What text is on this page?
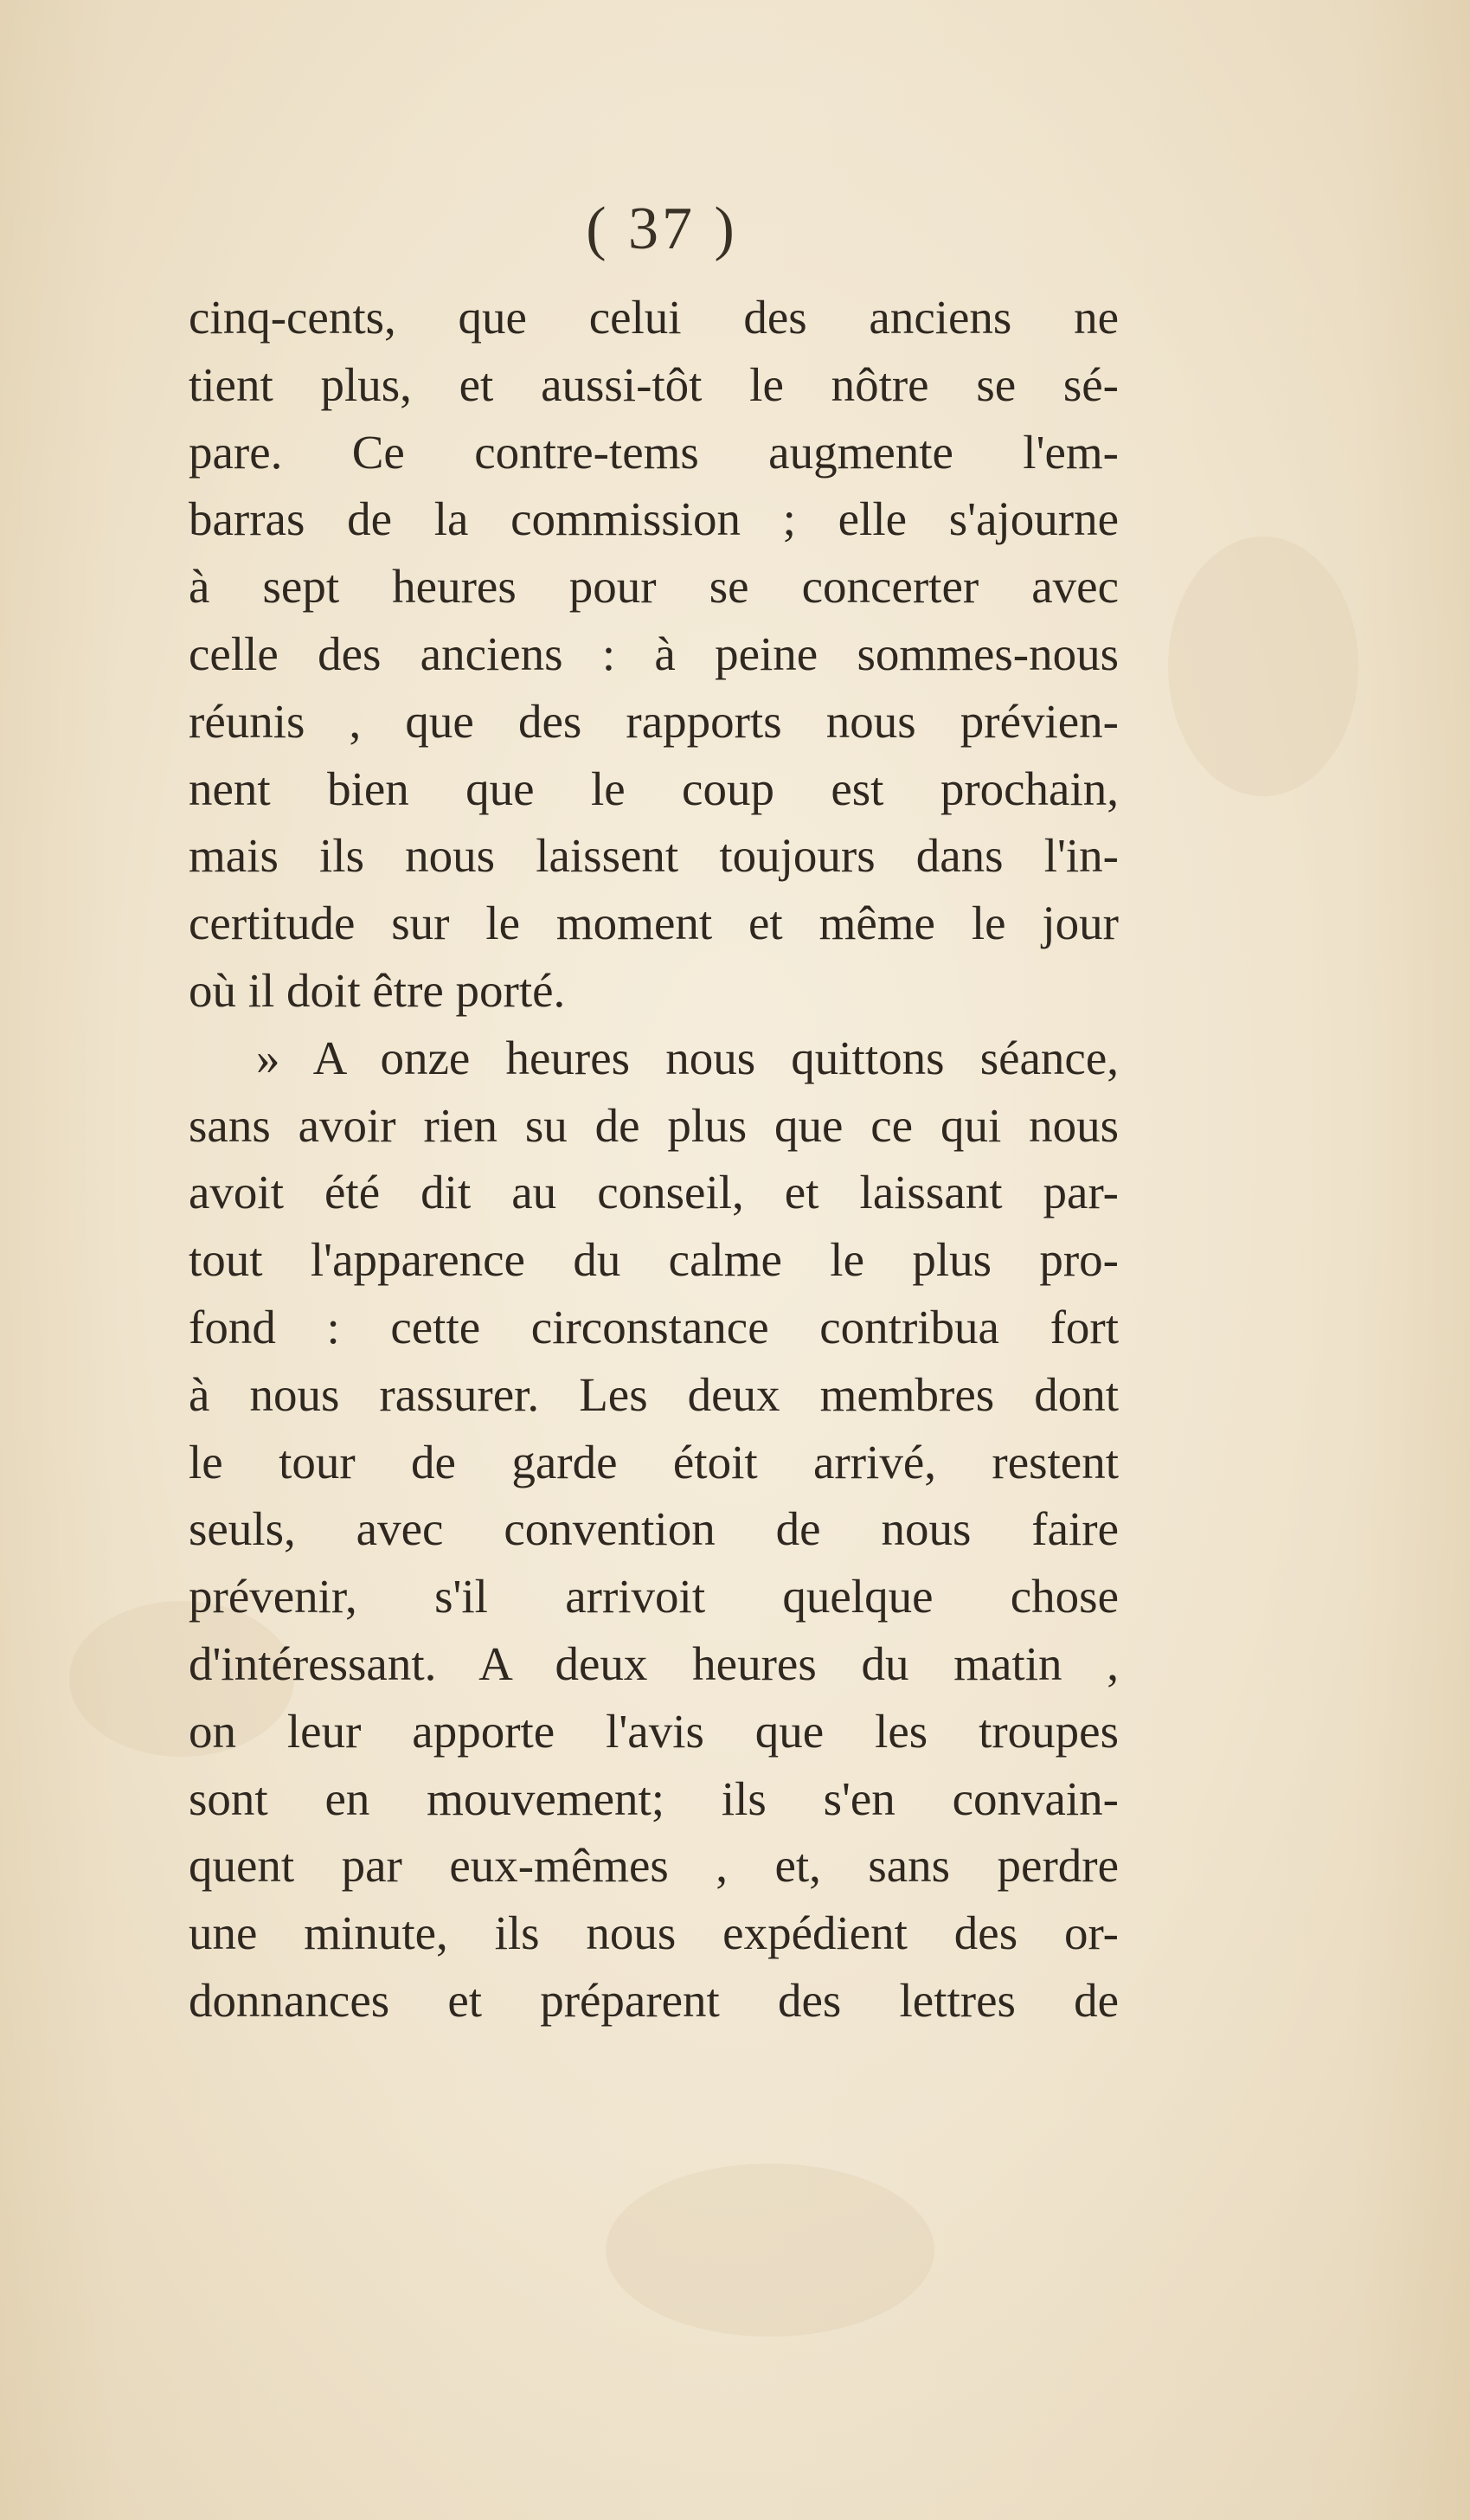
( 37 )
cinq-cents, que celui des anciens ne
tient plus, et aussi-tôt le nôtre se sé-
pare. Ce contre-tems augmente l'em-
barras de la commission ; elle s'ajourne
à sept heures pour se concerter avec
celle des anciens : à peine sommes-nous
réunis , que des rapports nous prévien-
nent bien que le coup est prochain,
mais ils nous laissent toujours dans l'in-
certitude sur le moment et même le jour
où il doit être porté.
» A onze heures nous quittons séance,
sans avoir rien su de plus que ce qui nous
avoit été dit au conseil, et laissant par-
tout l'apparence du calme le plus pro-
fond : cette circonstance contribua fort
à nous rassurer. Les deux membres dont
le tour de garde étoit arrivé, restent
seuls, avec convention de nous faire
prévenir, s'il arrivoit quelque chose
d'intéressant. A deux heures du matin ,
on leur apporte l'avis que les troupes
sont en mouvement; ils s'en convain-
quent par eux-mêmes , et, sans perdre
une minute, ils nous expédient des or-
donnances et préparent des lettres de
